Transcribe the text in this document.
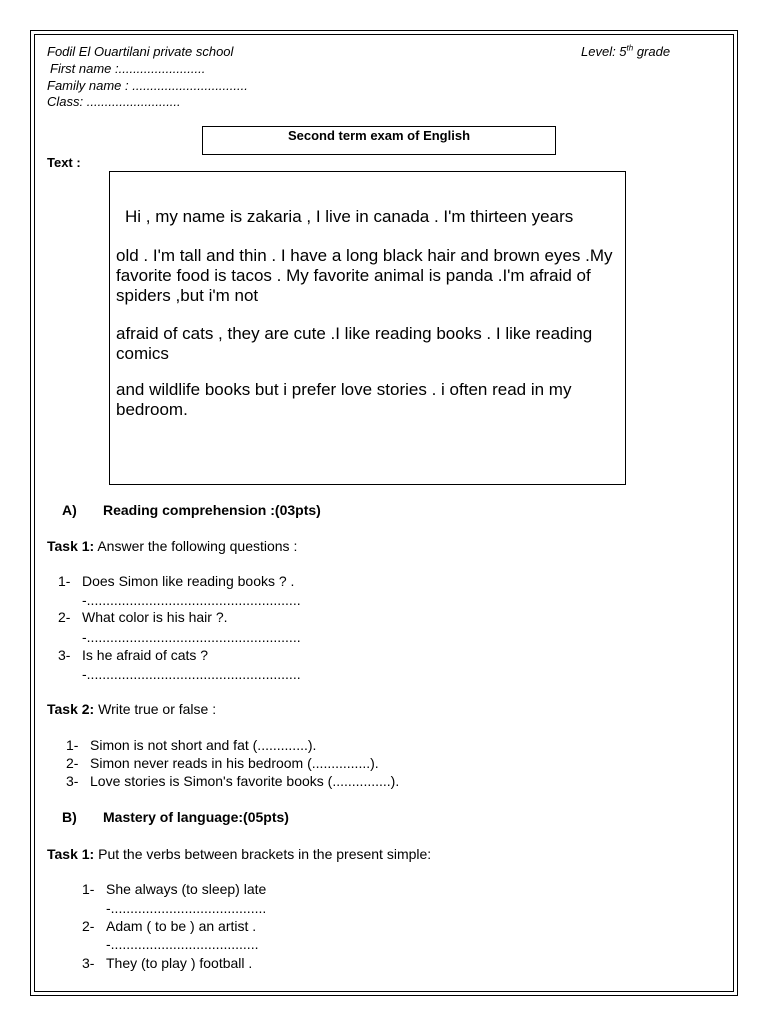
Fodil El Ouartilani private school	Level: 5th grade
First name :........................
Family name : ................................
Class: ..........................
Second term exam of English
Text :
Hi , my name is zakaria , I live in canada . I'm thirteen years
old . I'm tall and thin . I have a long black hair and brown eyes .My favorite food is tacos . My favorite animal is panda .I'm afraid of spiders ,but i'm not
afraid of cats , they are cute .I like reading books . I like reading comics
and wildlife books but i prefer love stories . i often read in my bedroom.
A) Reading comprehension :(03pts)
Task 1: Answer the following questions :
1- Does Simon like reading books ? .
-.......................................................
2- What color is his hair ?.
-.......................................................
3- Is he afraid of cats ?
-.......................................................
Task 2: Write true or false :
1- Simon is not short and fat (.............).
2- Simon never reads in his bedroom (...............).
3- Love stories is Simon's favorite books (...............).
B) Mastery of language:(05pts)
Task 1: Put the verbs between brackets in the present simple:
1- She always (to sleep) late
-........................................
2- Adam ( to be ) an artist .
-......................................
3- They (to play ) football .
